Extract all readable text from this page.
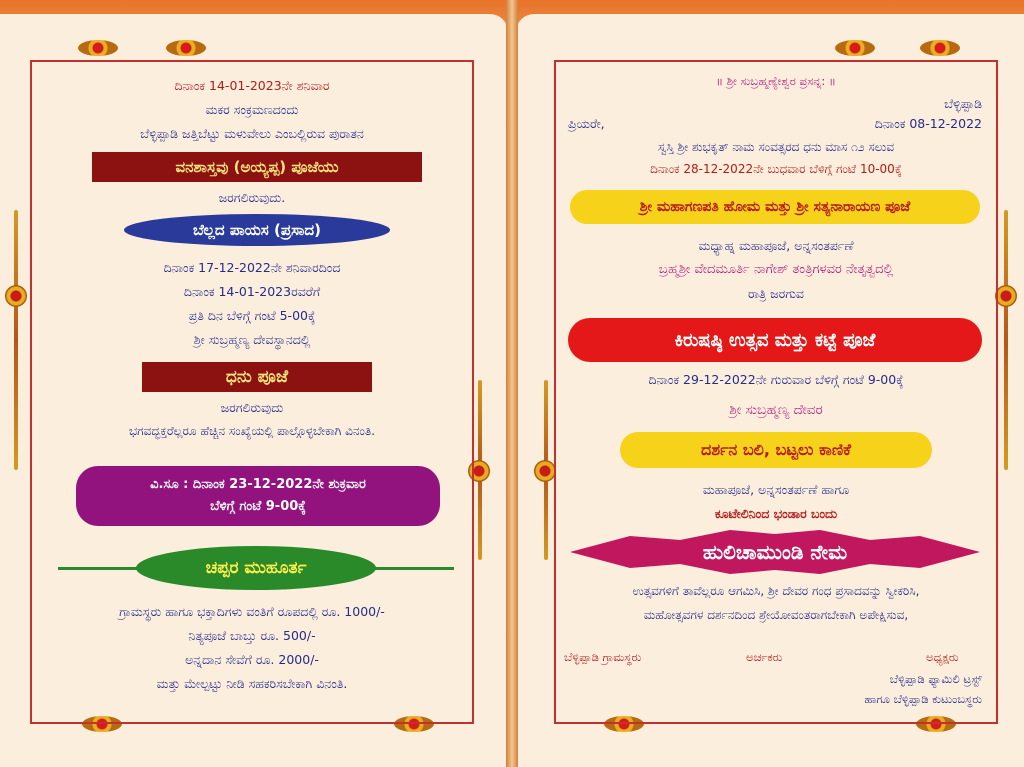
ದಿನಾಂಕ 14-01-2023ನೇ ಶನಿವಾರ
ಮಕರ ಸಂಕ್ರಮಣದಂದು
ಬೆಳ್ಳಿಪ್ಪಾಡಿ ಜತ್ತಿಬೆಟ್ಟು ಮಳುವೇಲು ಎಂಬಲ್ಲಿರುವ ಪುರಾತನ
ವನಶಾಸ್ತವು (ಅಯ್ಯಪ್ಪ) ಪೂಜೆಯು
ಜರಗಲಿರುವುದು.
ಬೆಲ್ಲದ ಪಾಯಸ (ಪ್ರಸಾದ)
ದಿನಾಂಕ 17-12-2022ನೇ ಶನಿವಾರದಿಂದ
ದಿನಾಂಕ 14-01-2023ರವರೆಗೆ
ಪ್ರತಿ ದಿನ ಬೆಳಿಗ್ಗೆ ಗಂಟೆ 5-00ಕ್ಕೆ
ಶ್ರೀ ಸುಬ್ರಹ್ಮಣ್ಯ ದೇವಸ್ಥಾನದಲ್ಲಿ
ಧನು ಪೂಜೆ
ಜರಗಲಿರುವುದು
ಭಗವದ್ಭಕ್ತರೆಲ್ಲರೂ ಹೆಚ್ಚಿನ ಸಂಖ್ಯೆಯಲ್ಲಿ ಪಾಲ್ಗೊಳ್ಳಬೇಕಾಗಿ ವಿನಂತಿ.
ವಿ.ಸೂ : ದಿನಾಂಕ 23-12-2022ನೇ ಶುಕ್ರವಾರ
ಬೆಳಿಗ್ಗೆ ಗಂಟೆ 9-00ಕ್ಕೆ
ಚಪ್ಪರ ಮುಹೂರ್ತ
ಗ್ರಾಮಸ್ಥರು ಹಾಗೂ ಭಕ್ತಾದಿಗಳು ವಂತಿಗೆ ರೂಪದಲ್ಲಿ ರೂ. 1000/-
ನಿತ್ಯಪೂಜೆ ಬಾಬ್ತು ರೂ. 500/-
ಅನ್ನದಾನ ಸೇವೆಗೆ ರೂ. 2000/-
ಮತ್ತು ಮೇಲ್ಪಟ್ಟು ನೀಡಿ ಸಹಕರಿಸಬೇಕಾಗಿ ವಿನಂತಿ.
॥ ಶ್ರೀ ಸುಬ್ರಹ್ಮಣ್ಯೇಶ್ವರ ಪ್ರಸನ್ನ: ॥
ಬೆಳ್ಳಿಪ್ಪಾಡಿ
ಪ್ರಿಯರೇ,	ದಿನಾಂಕ 08-12-2022
ಸ್ವಸ್ತಿ ಶ್ರೀ ಶುಭಕೃತ್ ನಾಮ ಸಂವತ್ಸರದ ಧನು ಮಾಸ ೧೨ ಸಲುವ
ದಿನಾಂಕ 28-12-2022ನೇ ಬುಧವಾರ ಬೆಳಿಗ್ಗೆ ಗಂಟೆ 10-00ಕ್ಕೆ
ಶ್ರೀ ಮಹಾಗಣಪತಿ ಹೋಮ ಮತ್ತು ಶ್ರೀ ಸತ್ಯನಾರಾಯಣ ಪೂಜೆ
ಮಧ್ಯಾಹ್ನ ಮಹಾಪೂಜೆ, ಅನ್ನಸಂತರ್ಪಣೆ
ಬ್ರಹ್ಮಶ್ರೀ ವೇದಮೂರ್ತಿ ನಾಗೇಶ್ ತಂತ್ರಿಗಳವರ ನೇತೃತ್ವದಲ್ಲಿ
ರಾತ್ರಿ ಜರಗುವ
ಕಿರುಷಷ್ಠಿ ಉತ್ಸವ ಮತ್ತು ಕಟ್ಟೆ ಪೂಜೆ
ದಿನಾಂಕ 29-12-2022ನೇ ಗುರುವಾರ ಬೆಳಿಗ್ಗೆ ಗಂಟೆ 9-00ಕ್ಕೆ
ಶ್ರೀ ಸುಬ್ರಹ್ಮಣ್ಯ ದೇವರ
ದರ್ಶನ ಬಲಿ, ಬಟ್ಟಲು ಕಾಣಿಕೆ
ಮಹಾಪೂಜೆ, ಅನ್ನಸಂತರ್ಪಣೆ ಹಾಗೂ
ಕೂಟೇಲಿನಿಂದ ಭಂಡಾರ ಬಂದು
ಹುಲಿಚಾಮುಂಡಿ ನೇಮ
ಉತ್ಸವಗಳಿಗೆ ತಾವೆಲ್ಲರೂ ಆಗಮಿಸಿ, ಶ್ರೀ ದೇವರ ಗಂಧ ಪ್ರಸಾದವನ್ನು ಸ್ವೀಕರಿಸಿ,
ಮಹೋತ್ಸವಗಳ ದರ್ಶನದಿಂದ ಶ್ರೇಯೋವಂತರಾಗಬೇಕಾಗಿ ಅಪೇಕ್ಷಿಸುವ,
ಬೆಳ್ಳಿಪ್ಪಾಡಿ ಗ್ರಾಮಸ್ಥರು	ಅರ್ಚಕರು	ಅಧ್ಯಕ್ಷರು
ಬೆಳ್ಳಿಪ್ಪಾಡಿ ಫ್ಯಾಮಿಲಿ ಟ್ರಸ್ಟ್
ಹಾಗೂ ಬೆಳ್ಳಿಪ್ಪಾಡಿ ಕುಟುಂಬಸ್ಥರು
